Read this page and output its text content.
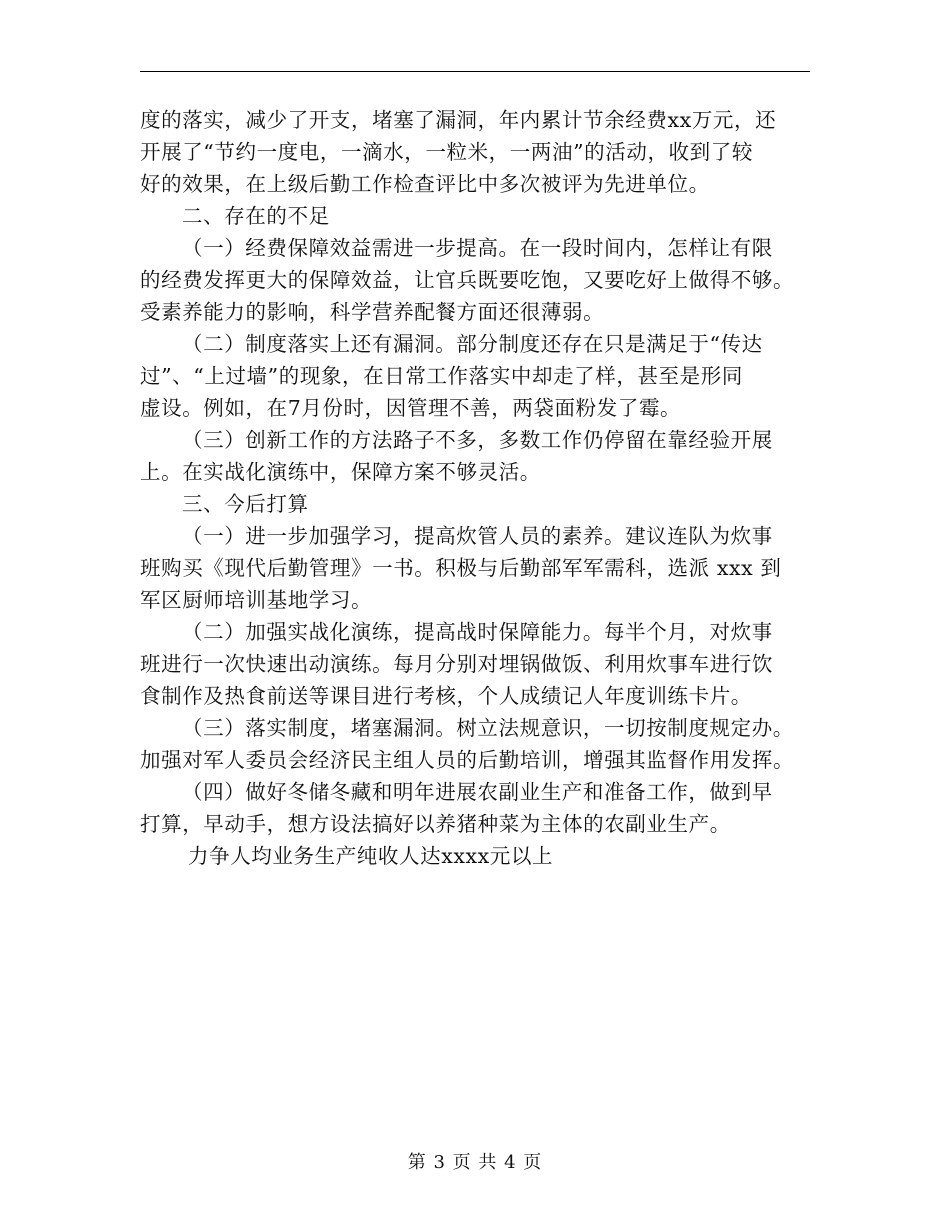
度的落实，减少了开支，堵塞了漏洞，年内累计节余经费xx万元，还
开展了“节约一度电，一滴水，一粒米，一两油”的活动，收到了较
好的效果，在上级后勤工作检查评比中多次被评为先进单位。
二、存在的不足
（一）经费保障效益需进一步提高。在一段时间内，怎样让有限
的经费发挥更大的保障效益，让官兵既要吃饱，又要吃好上做得不够。
受素养能力的影响，科学营养配餐方面还很薄弱。
（二）制度落实上还有漏洞。部分制度还存在只是满足于“传达
过”、“上过墙”的现象，在日常工作落实中却走了样，甚至是形同
虚设。例如，在7月份时，因管理不善，两袋面粉发了霉。
（三）创新工作的方法路子不多，多数工作仍停留在靠经验开展
上。在实战化演练中，保障方案不够灵活。
三、今后打算
（一）进一步加强学习，提高炊管人员的素养。建议连队为炊事
班购买《现代后勤管理》一书。积极与后勤部军军需科，选派 xxx 到
军区厨师培训基地学习。
（二）加强实战化演练，提高战时保障能力。每半个月，对炊事
班进行一次快速出动演练。每月分别对埋锅做饭、利用炊事车进行饮
食制作及热食前送等课目进行考核，个人成绩记人年度训练卡片。
（三）落实制度，堵塞漏洞。树立法规意识，一切按制度规定办。
加强对军人委员会经济民主组人员的后勤培训，增强其监督作用发挥。
（四）做好冬储冬藏和明年进展农副业生产和准备工作，做到早
打算，早动手，想方设法搞好以养猪种菜为主体的农副业生产。
力争人均业务生产纯收人达xxxx元以上
第 3 页 共 4 页
